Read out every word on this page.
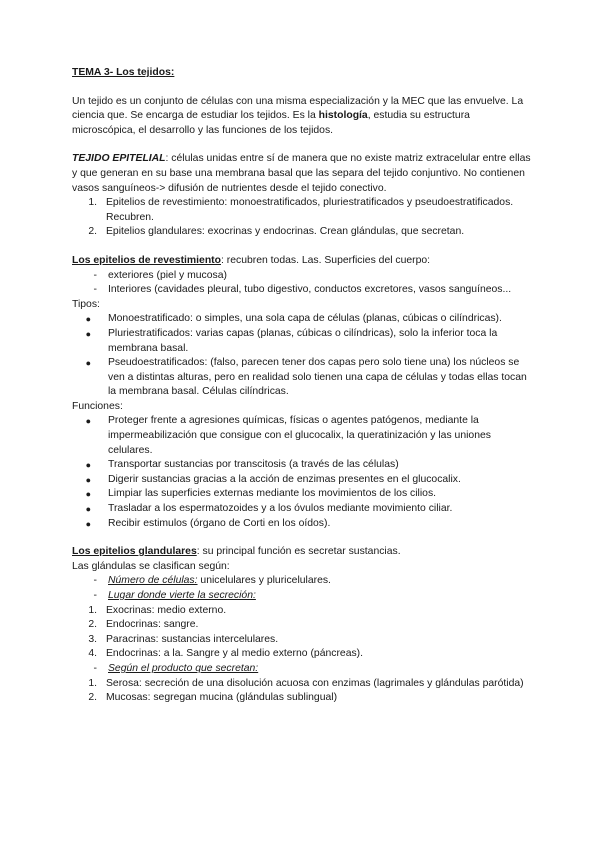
TEMA 3- Los tejidos:

Un tejido es un conjunto de células con una misma especialización y la MEC que las envuelve. La ciencia que. Se encarga de estudiar los tejidos. Es la histología, estudia su estructura microscópica, el desarrollo y las funciones de los tejidos.

TEJIDO EPITELIAL: células unidas entre sí de manera que no existe matriz extracelular entre ellas y que generan en su base una membrana basal que las separa del tejido conjuntivo. No contienen vasos sanguíneos-> difusión de nutrientes desde el tejido conectivo.

1. Epitelios de revestimiento: monoestratificados, pluriestratificados y pseudoestratificados. Recubren.
2. Epitelios glandulares: exocrinas y endocrinas. Crean glándulas, que secretan.

Los epitelios de revestimiento: recubren todas. Las. Superficies del cuerpo:

-	exteriores (piel y mucosa)
-	Interiores (cavidades pleural, tubo digestivo, conductos excretores, vasos sanguíneos...

Tipos:

●	Monoestratificado: o simples, una sola capa de células (planas, cúbicas o cilíndricas).
●	Pluriestratificados: varias capas (planas, cúbicas o cilíndricas), solo la inferior toca la membrana basal.
●	Pseudoestratificados: (falso, parecen tener dos capas pero solo tiene una) los núcleos se ven a distintas alturas, pero en realidad solo tienen una capa de células y todas ellas tocan la membrana basal. Células cilíndricas.

Funciones:

●	Proteger frente a agresiones químicas, físicas o agentes patógenos, mediante la impermeabilización que consigue con el glucocalix, la queratinización y las uniones celulares.
●	Transportar sustancias por transcitosis (a través de las células)
●	Digerir sustancias gracias a la acción de enzimas presentes en el glucocalix.
●	Limpiar las superficies externas mediante los movimientos de los cilios.
●	Trasladar a los espermatozoides y a los óvulos mediante movimiento ciliar.
●	Recibir estimulos (órgano de Corti en los oídos).

Los epitelios glandulares: su principal función es secretar sustancias.

Las glándulas se clasifican según:

-	Número de células: unicelulares y pluricelulares.
-	Lugar donde vierte la secreción:
1. Exocrinas: medio externo.
2. Endocrinas: sangre.
3. Paracrinas: sustancias intercelulares.
4. Endocrinas: a la. Sangre y al medio externo (páncreas).
-	Según el producto que secretan:
1. Serosa: secreción de una disolución acuosa con enzimas (lagrimales y glándulas parótida)
2. Mucosas: segregan mucina (glándulas sublingual)
